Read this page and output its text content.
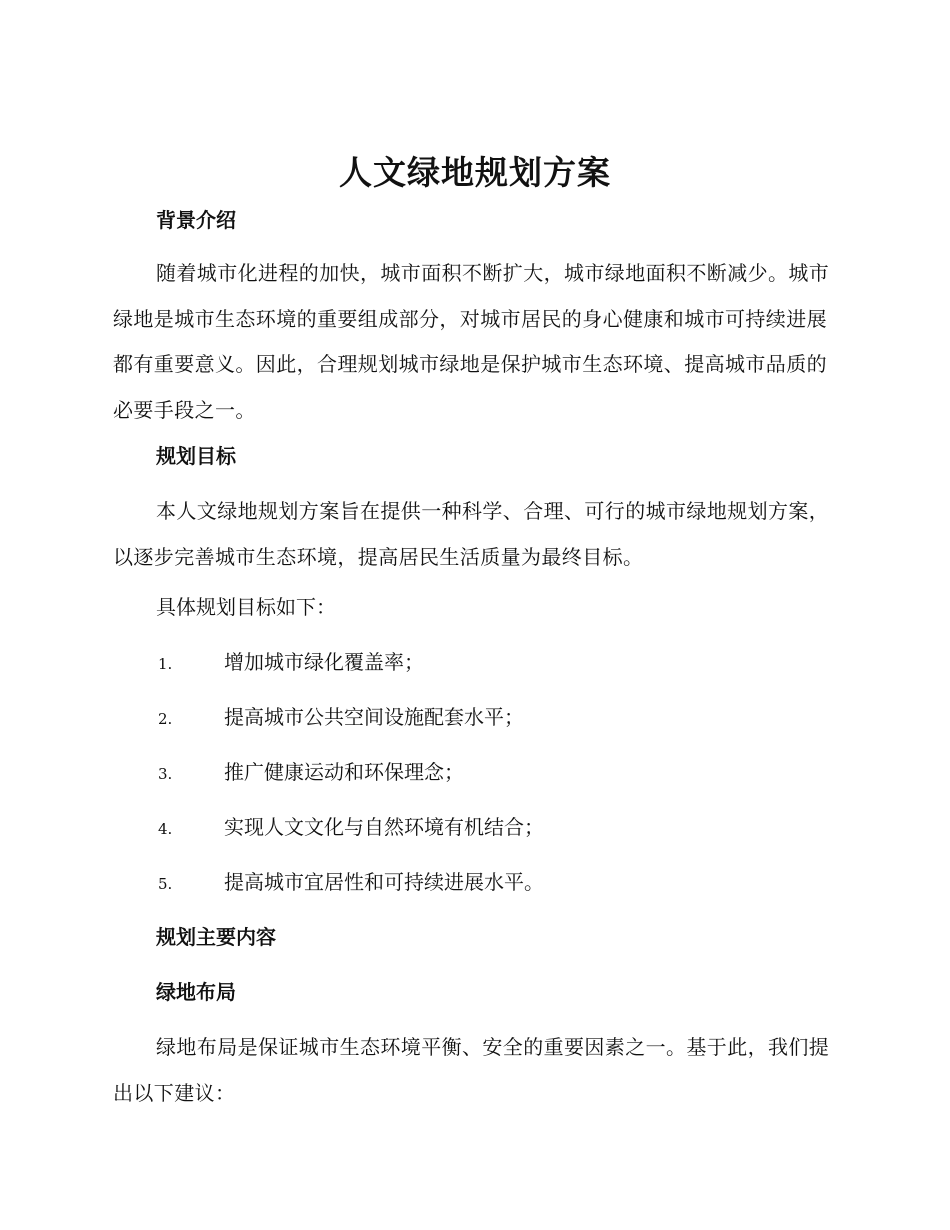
人文绿地规划方案
背景介绍
随着城市化进程的加快，城市面积不断扩大，城市绿地面积不断减少。城市绿地是城市生态环境的重要组成部分，对城市居民的身心健康和城市可持续进展都有重要意义。因此，合理规划城市绿地是保护城市生态环境、提高城市品质的必要手段之一。
规划目标
本人文绿地规划方案旨在提供一种科学、合理、可行的城市绿地规划方案，以逐步完善城市生态环境，提高居民生活质量为最终目标。
具体规划目标如下：
1.	增加城市绿化覆盖率；
2.	提高城市公共空间设施配套水平；
3.	推广健康运动和环保理念；
4.	实现人文文化与自然环境有机结合；
5.	提高城市宜居性和可持续进展水平。
规划主要内容
绿地布局
绿地布局是保证城市生态环境平衡、安全的重要因素之一。基于此，我们提出以下建议：
